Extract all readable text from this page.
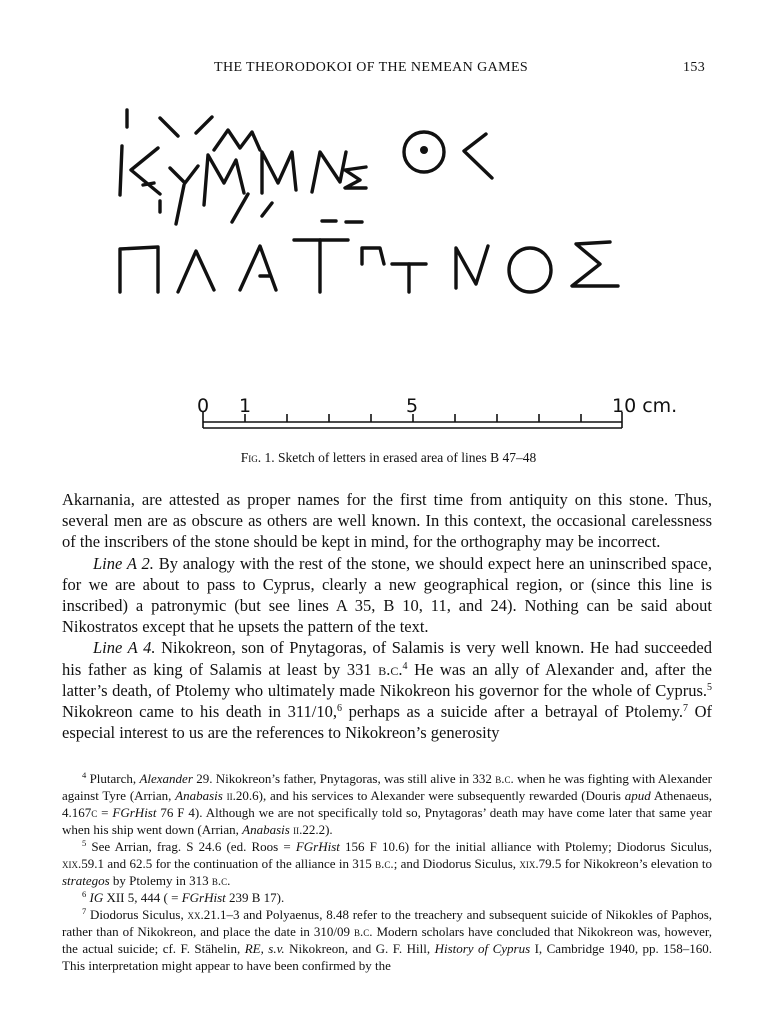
THE THEORODOKOI OF THE NEMEAN GAMES	153
0 1	5	10 cm.
Fig. 1. Sketch of letters in erased area of lines B 47–48

Akarnania, are attested as proper names for the first time from antiquity on this stone. Thus, several men are as obscure as others are well known. In this context, the occasional carelessness of the inscribers of the stone should be kept in mind, for the orthography may be incorrect.

Line A 2. By analogy with the rest of the stone, we should expect here an uninscribed space, for we are about to pass to Cyprus, clearly a new geographical region, or (since this line is inscribed) a patronymic (but see lines A 35, B 10, 11, and 24). Nothing can be said about Nikostratos except that he upsets the pattern of the text.

Line A 4. Nikokreon, son of Pnytagoras, of Salamis is very well known. He had succeeded his father as king of Salamis at least by 331 b.c.$^4$ He was an ally of Alexander and, after the latter’s death, of Ptolemy who ultimately made Nikokreon his governor for the whole of Cyprus.$^5$ Nikokreon came to his death in 311/10,$^6$ perhaps as a suicide after a betrayal of Ptolemy.$^7$ Of especial interest to us are the references to Nikokreon’s generosity

$^4$ Plutarch, Alexander 29. Nikokreon’s father, Pnytagoras, was still alive in 332 b.c. when he was fighting with Alexander against Tyre (Arrian, Anabasis ii.20.6), and his services to Alexander were subsequently rewarded (Douris apud Athenaeus, 4.167c = FGrHist 76 F 4). Although we are not specifically told so, Pnytagoras’ death may have come later that same year when his ship went down (Arrian, Anabasis ii.22.2).

$^5$ See Arrian, frag. S 24.6 (ed. Roos = FGrHist 156 F 10.6) for the initial alliance with Ptolemy; Diodorus Siculus, xix.59.1 and 62.5 for the continuation of the alliance in 315 b.c.; and Diodorus Siculus, xix.79.5 for Nikokreon’s elevation to strategos by Ptolemy in 313 b.c.

$^6$ IG XII 5, 444 ( = FGrHist 239 B 17).

$^7$ Diodorus Siculus, xx.21.1–3 and Polyaenus, 8.48 refer to the treachery and subsequent suicide of Nikokles of Paphos, rather than of Nikokreon, and place the date in 310/09 b.c. Modern scholars have concluded that Nikokreon was, however, the actual suicide; cf. F. Stähelin, RE, s.v. Nikokreon, and G. F. Hill, History of Cyprus I, Cambridge 1940, pp. 158–160. This interpretation might appear to have been confirmed by the
